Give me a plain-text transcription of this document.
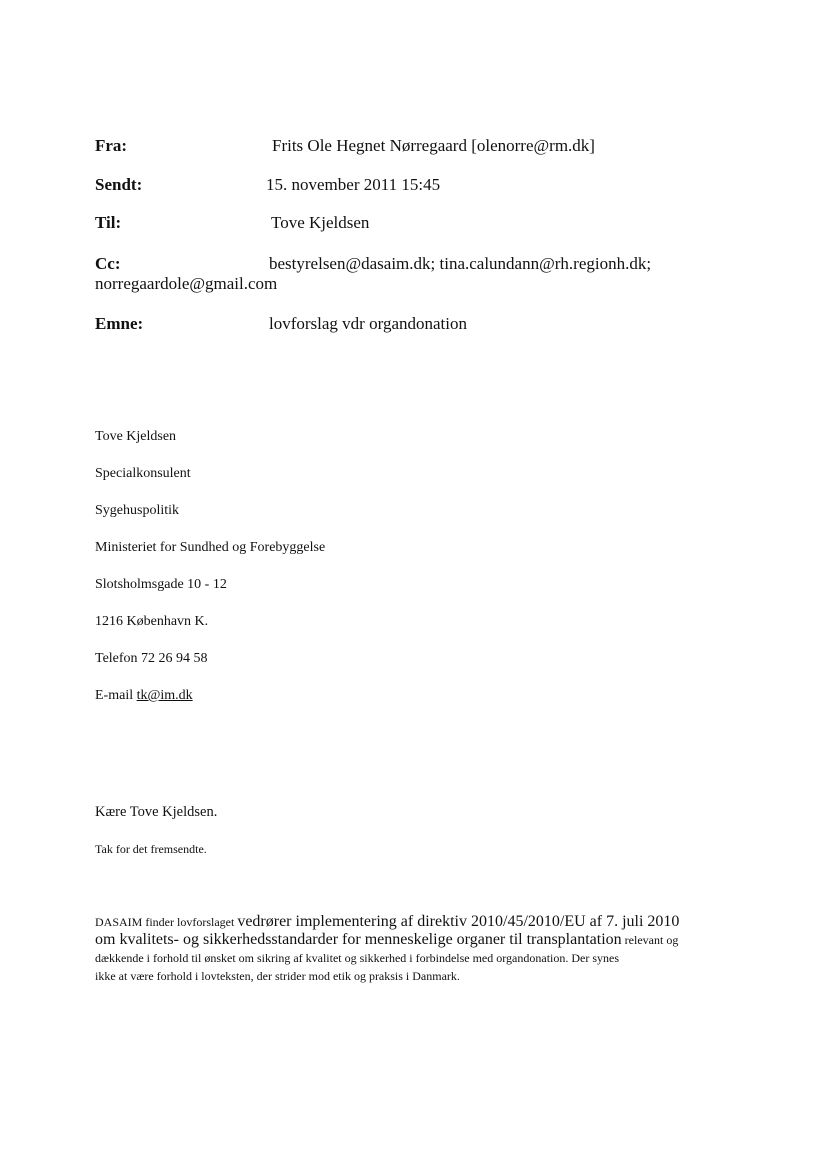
Fra:	Frits Ole Hegnet Nørregaard [olenorre@rm.dk]
Sendt:	15. november 2011 15:45
Til:	Tove Kjeldsen
Cc:	bestyrelsen@dasaim.dk; tina.calundann@rh.regionh.dk;
norregaardole@gmail.com
Emne:	lovforslag vdr organdonation
Tove Kjeldsen
Specialkonsulent
Sygehuspolitik
Ministeriet for Sundhed og Forebyggelse
Slotsholmsgade 10 - 12
1216 København K.
Telefon 72 26 94 58
E-mail tk@im.dk
Kære Tove Kjeldsen.
Tak for det fremsendte.
DASAIM finder lovforslaget vedrører implementering af direktiv 2010/45/2010/EU af 7. juli 2010
om kvalitets- og sikkerhedsstandarder for menneskelige organer til transplantation relevant og
dækkende i forhold til ønsket om sikring af kvalitet og sikkerhed i forbindelse med organdonation. Der synes
ikke at være forhold i lovteksten, der strider mod etik og praksis i Danmark.
